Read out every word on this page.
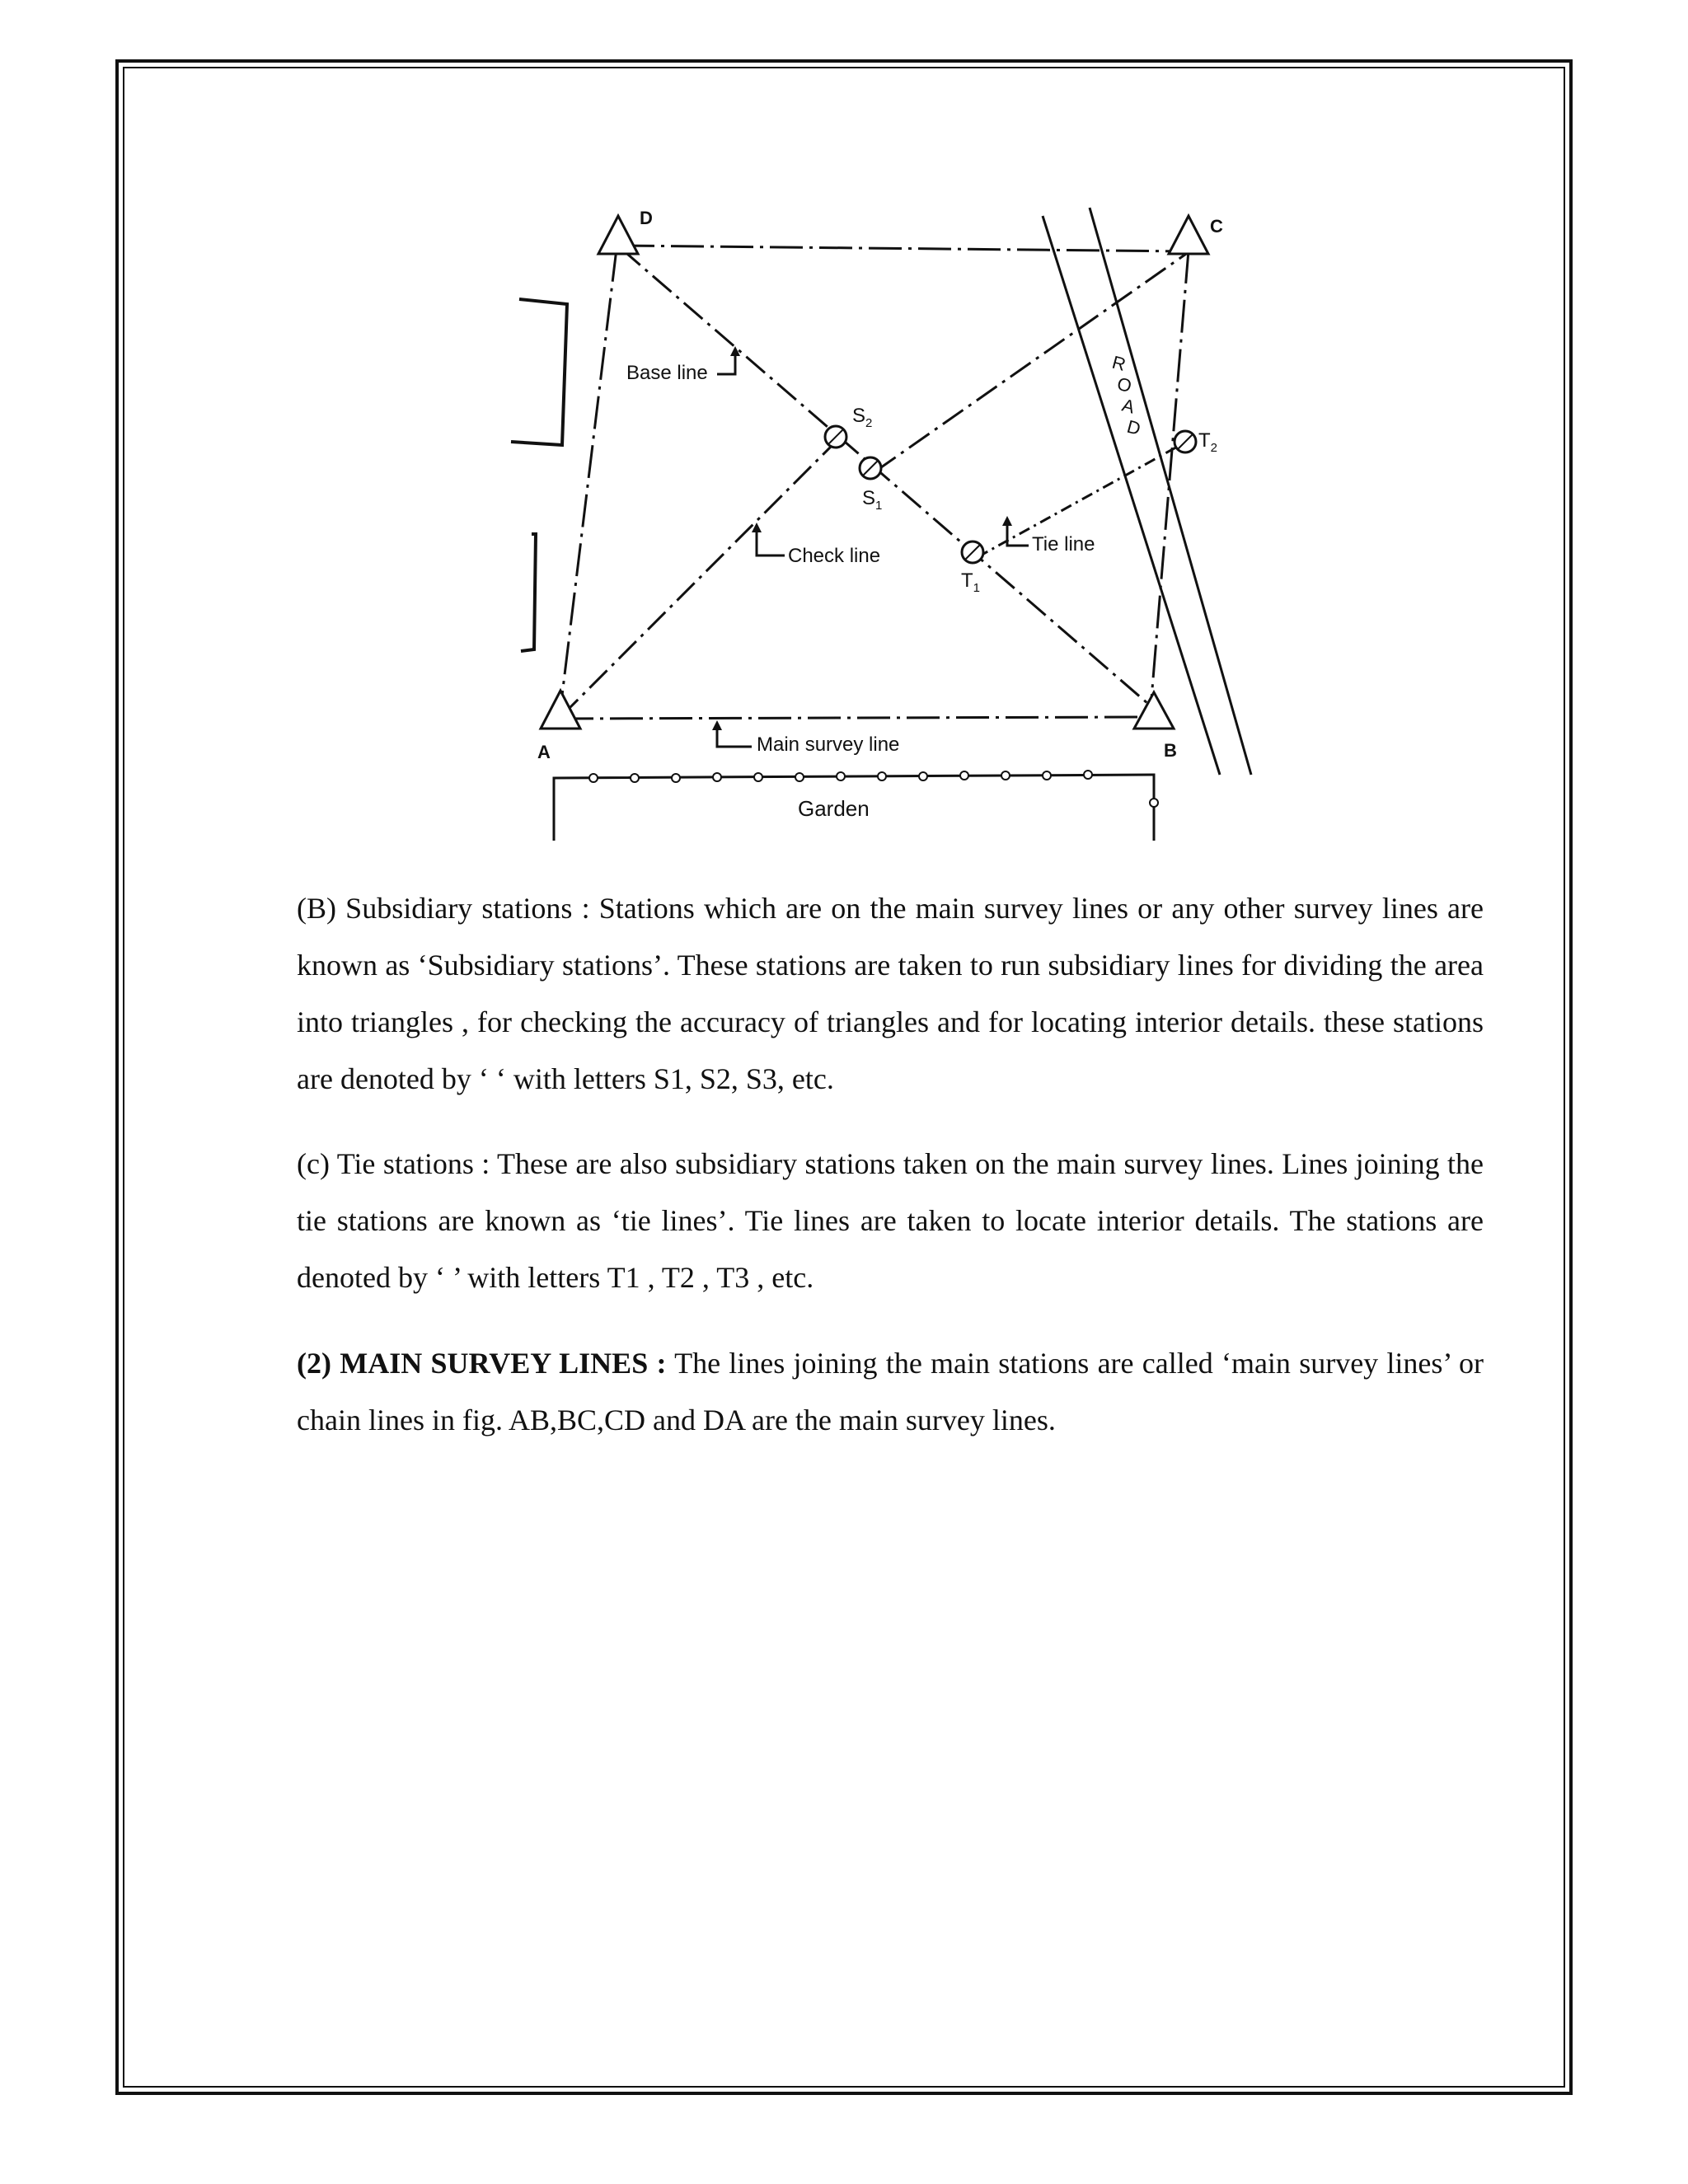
R
O
A
D
A	B
C
D
$S_2$
$S_1$
$T_1$
$T_2$
Base line
Check line
Tie line
Main survey line
Garden

(B) Subsidiary stations : Stations which are on the main survey lines or any other survey lines are known as ‘Subsidiary stations’. These stations are taken to run subsidiary lines for dividing the area into triangles , for checking the accuracy of triangles and for locating interior details. these stations are denoted by ‘ ‘ with letters S1, S2, S3, etc.

(c) Tie stations : These are also subsidiary stations taken on the main survey lines. Lines joining the tie stations are known as ‘tie lines’. Tie lines are taken to locate interior details. The stations are denoted by ‘ ’ with letters T1 , T2 , T3 , etc.

(2) MAIN SURVEY LINES : The lines joining the main stations are called ‘main survey lines’ or chain lines in fig. AB,BC,CD and DA are the main survey lines.
